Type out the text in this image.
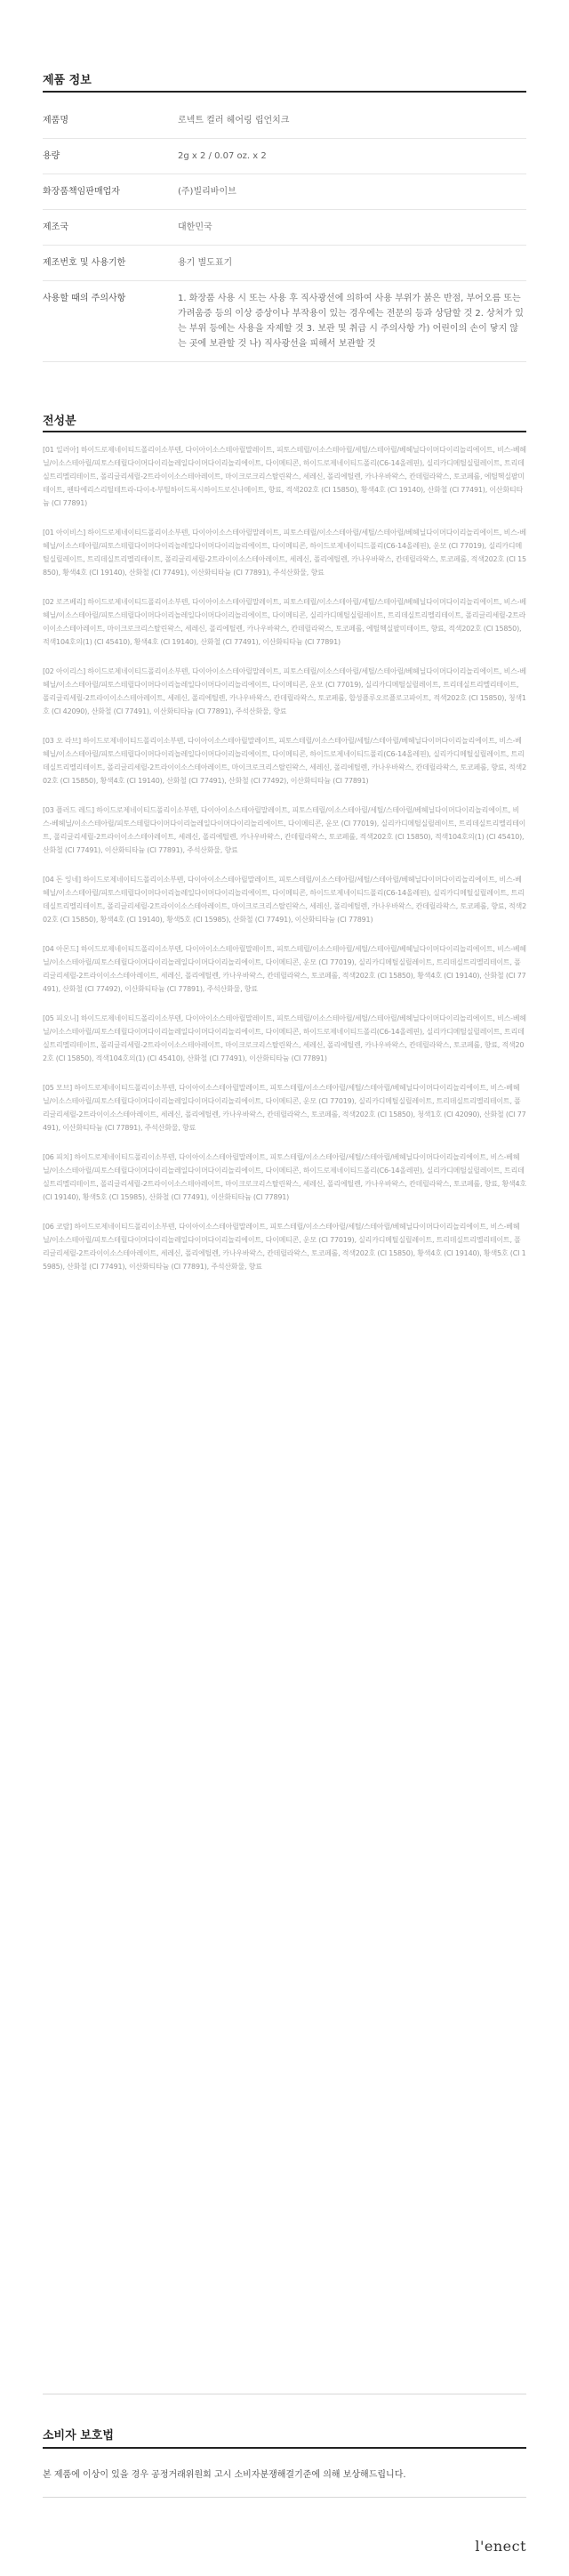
제품 정보
제품명	로넥트 컬러 헤어링 립언치크
용량	2g x 2 / 0.07 oz. x 2
화장품책임판매업자	(주)빌리바이브
제조국	대한민국
제조번호 및 사용기한	용기 별도표기
사용할 때의 주의사항	1. 화장품 사용 시 또는 사용 후 직사광선에 의하여 사용 부위가 붉은 반점, 부어오름 또는 가려움증 등의 이상 증상이나 부작용이 있는 경우에는 전문의 등과 상담할 것 2. 상처가 있는 부위 등에는 사용을 자제할 것 3. 보관 및 취급 시 주의사항 가) 어린이의 손이 닿지 않는 곳에 보관할 것 나) 직사광선을 피해서 보관할 것
전성분
[01 일러아] 하이드로제네이티드폴리이소부텐, 다이아이소스테아릴말레이트, 피토스테릴/이소스테아릴/세틸/스테아릴/베헤닐다이머다이리놀리에이트, 비스-베헤닐/이소스테아릴/피토스테릴다이머다이리놀레일다이머다이리놀리에이트, 다이메티콘, 하이드로제네이티드폴리(C6-14올레핀), 실리카디메틸실릴레이트, 트리데실트리멜리테이트, 폴리글리세릴-2트라이이소스테아레이트, 마이크로크리스탈린왁스, 세레신, 폴리에틸렌, 카나우바왁스, 칸데릴라왁스, 토코페롤, 에틸헥실팔미테이트, 펜타에리스리틸테트라-다이-t-부틸하이드록시하이드로신나메이트, 향료, 적색202호 (CI 15850), 황색4호 (CI 19140), 산화철 (CI 77491), 이산화티타늄 (CI 77891)
[01 아이비스] 하이드로제네이티드폴리이소부텐, 다이아이소스테아릴말레이트, 피토스테릴/이소스테아릴/세틸/스테아릴/베헤닐다이머다이리놀리에이트, 비스-베헤닐/이소스테아릴/피토스테릴다이머다이리놀레일다이머다이리놀리에이트, 다이메티콘, 하이드로제네이티드폴리(C6-14올레핀), 운모 (CI 77019), 실리카디메틸실릴레이트, 트리데실트리멜리테이트, 폴리글리세릴-2트라이이소스테아레이트, 세레신, 폴리에틸렌, 카나우바왁스, 칸데릴라왁스, 토코페롤, 적색202호 (CI 15850), 황색4호 (CI 19140), 산화철 (CI 77491), 이산화티타늄 (CI 77891), 주석산화물, 향료
[02 로즈베리] 하이드로제네이티드폴리이소부텐, 다이아이소스테아릴말레이트, 피토스테릴/이소스테아릴/세틸/스테아릴/베헤닐다이머다이리놀리에이트, 비스-베헤닐/이소스테아릴/피토스테릴다이머다이리놀레일다이머다이리놀리에이트, 다이메티콘, 실리카디메틸실릴레이트, 트리데실트리멜리테이트, 폴리글리세릴-2트라이이소스테아레이트, 마이크로크리스탈린왁스, 세레신, 폴리에틸렌, 카나우바왁스, 칸데릴라왁스, 토코페롤, 에틸헥실팔미테이트, 향료, 적색202호 (CI 15850), 적색104호의(1) (CI 45410), 황색4호 (CI 19140), 산화철 (CI 77491), 이산화티타늄 (CI 77891)
[02 아이리스] 하이드로제네이티드폴리이소부텐, 다이아이소스테아릴말레이트, 피토스테릴/이소스테아릴/세틸/스테아릴/베헤닐다이머다이리놀리에이트, 비스-베헤닐/이소스테아릴/피토스테릴다이머다이리놀레일다이머다이리놀리에이트, 다이메티콘, 운모 (CI 77019), 실리카디메틸실릴레이트, 트리데실트리멜리테이트, 폴리글리세릴-2트라이이소스테아레이트, 세레신, 폴리에틸렌, 카나우바왁스, 칸데릴라왁스, 토코페롤, 합성플루오르플로고파이트, 적색202호 (CI 15850), 청색1호 (CI 42090), 산화철 (CI 77491), 이산화티타늄 (CI 77891), 주석산화물, 향료
[03 오 라브] 하이드로제네이티드폴리이소부텐, 다이아이소스테아릴말레이트, 피토스테릴/이소스테아릴/세틸/스테아릴/베헤닐다이머다이리놀리에이트, 비스-베헤닐/이소스테아릴/피토스테릴다이머다이리놀레일다이머다이리놀리에이트, 다이메티콘, 하이드로제네이티드폴리(C6-14올레핀), 실리카디메틸실릴레이트, 트리데실트리멜리테이트, 폴리글리세릴-2트라이이소스테아레이트, 마이크로크리스탈린왁스, 세레신, 폴리에틸렌, 카나우바왁스, 칸데릴라왁스, 토코페롤, 향료, 적색202호 (CI 15850), 황색4호 (CI 19140), 산화철 (CI 77491), 산화철 (CI 77492), 이산화티타늄 (CI 77891)
[03 플러드 레드] 하이드로제네이티드폴리이소부텐, 다이아이소스테아릴말레이트, 피토스테릴/이소스테아릴/세틸/스테아릴/베헤닐다이머다이리놀리에이트, 비스-베헤닐/이소스테아릴/피토스테릴다이머다이리놀레일다이머다이리놀리에이트, 다이메티콘, 운모 (CI 77019), 실리카디메틸실릴레이트, 트리데실트리멜리테이트, 폴리글리세릴-2트라이이소스테아레이트, 세레신, 폴리에틸렌, 카나우바왁스, 칸데릴라왁스, 토코페롤, 적색202호 (CI 15850), 적색104호의(1) (CI 45410), 산화철 (CI 77491), 이산화티타늄 (CI 77891), 주석산화물, 향료
[04 돈 잉네] 하이드로제네이티드폴리이소부텐, 다이아이소스테아릴말레이트, 피토스테릴/이소스테아릴/세틸/스테아릴/베헤닐다이머다이리놀리에이트, 비스-베헤닐/이소스테아릴/피토스테릴다이머다이리놀레일다이머다이리놀리에이트, 다이메티콘, 하이드로제네이티드폴리(C6-14올레핀), 실리카디메틸실릴레이트, 트리데실트리멜리테이트, 폴리글리세릴-2트라이이소스테아레이트, 마이크로크리스탈린왁스, 세레신, 폴리에틸렌, 카나우바왁스, 칸데릴라왁스, 토코페롤, 향료, 적색202호 (CI 15850), 황색4호 (CI 19140), 황색5호 (CI 15985), 산화철 (CI 77491), 이산화티타늄 (CI 77891)
[04 아몬드] 하이드로제네이티드폴리이소부텐, 다이아이소스테아릴말레이트, 피토스테릴/이소스테아릴/세틸/스테아릴/베헤닐다이머다이리놀리에이트, 비스-베헤닐/이소스테아릴/피토스테릴다이머다이리놀레일다이머다이리놀리에이트, 다이메티콘, 운모 (CI 77019), 실리카디메틸실릴레이트, 트리데실트리멜리테이트, 폴리글리세릴-2트라이이소스테아레이트, 세레신, 폴리에틸렌, 카나우바왁스, 칸데릴라왁스, 토코페롤, 적색202호 (CI 15850), 황색4호 (CI 19140), 산화철 (CI 77491), 산화철 (CI 77492), 이산화티타늄 (CI 77891), 주석산화물, 향료
[05 피오니] 하이드로제네이티드폴리이소부텐, 다이아이소스테아릴말레이트, 피토스테릴/이소스테아릴/세틸/스테아릴/베헤닐다이머다이리놀리에이트, 비스-베헤닐/이소스테아릴/피토스테릴다이머다이리놀레일다이머다이리놀리에이트, 다이메티콘, 하이드로제네이티드폴리(C6-14올레핀), 실리카디메틸실릴레이트, 트리데실트리멜리테이트, 폴리글리세릴-2트라이이소스테아레이트, 마이크로크리스탈린왁스, 세레신, 폴리에틸렌, 카나우바왁스, 칸데릴라왁스, 토코페롤, 향료, 적색202호 (CI 15850), 적색104호의(1) (CI 45410), 산화철 (CI 77491), 이산화티타늄 (CI 77891)
[05 모브] 하이드로제네이티드폴리이소부텐, 다이아이소스테아릴말레이트, 피토스테릴/이소스테아릴/세틸/스테아릴/베헤닐다이머다이리놀리에이트, 비스-베헤닐/이소스테아릴/피토스테릴다이머다이리놀레일다이머다이리놀리에이트, 다이메티콘, 운모 (CI 77019), 실리카디메틸실릴레이트, 트리데실트리멜리테이트, 폴리글리세릴-2트라이이소스테아레이트, 세레신, 폴리에틸렌, 카나우바왁스, 칸데릴라왁스, 토코페롤, 적색202호 (CI 15850), 청색1호 (CI 42090), 산화철 (CI 77491), 이산화티타늄 (CI 77891), 주석산화물, 향료
[06 피치] 하이드로제네이티드폴리이소부텐, 다이아이소스테아릴말레이트, 피토스테릴/이소스테아릴/세틸/스테아릴/베헤닐다이머다이리놀리에이트, 비스-베헤닐/이소스테아릴/피토스테릴다이머다이리놀레일다이머다이리놀리에이트, 다이메티콘, 하이드로제네이티드폴리(C6-14올레핀), 실리카디메틸실릴레이트, 트리데실트리멜리테이트, 폴리글리세릴-2트라이이소스테아레이트, 마이크로크리스탈린왁스, 세레신, 폴리에틸렌, 카나우바왁스, 칸데릴라왁스, 토코페롤, 향료, 황색4호 (CI 19140), 황색5호 (CI 15985), 산화철 (CI 77491), 이산화티타늄 (CI 77891)
[06 코랄] 하이드로제네이티드폴리이소부텐, 다이아이소스테아릴말레이트, 피토스테릴/이소스테아릴/세틸/스테아릴/베헤닐다이머다이리놀리에이트, 비스-베헤닐/이소스테아릴/피토스테릴다이머다이리놀레일다이머다이리놀리에이트, 다이메티콘, 운모 (CI 77019), 실리카디메틸실릴레이트, 트리데실트리멜리테이트, 폴리글리세릴-2트라이이소스테아레이트, 세레신, 폴리에틸렌, 카나우바왁스, 칸데릴라왁스, 토코페롤, 적색202호 (CI 15850), 황색4호 (CI 19140), 황색5호 (CI 15985), 산화철 (CI 77491), 이산화티타늄 (CI 77891), 주석산화물, 향료
소비자 보호법
본 제품에 이상이 있을 경우 공정거래위원회 고시 소비자분쟁해결기준에 의해 보상해드립니다.
l'enect
